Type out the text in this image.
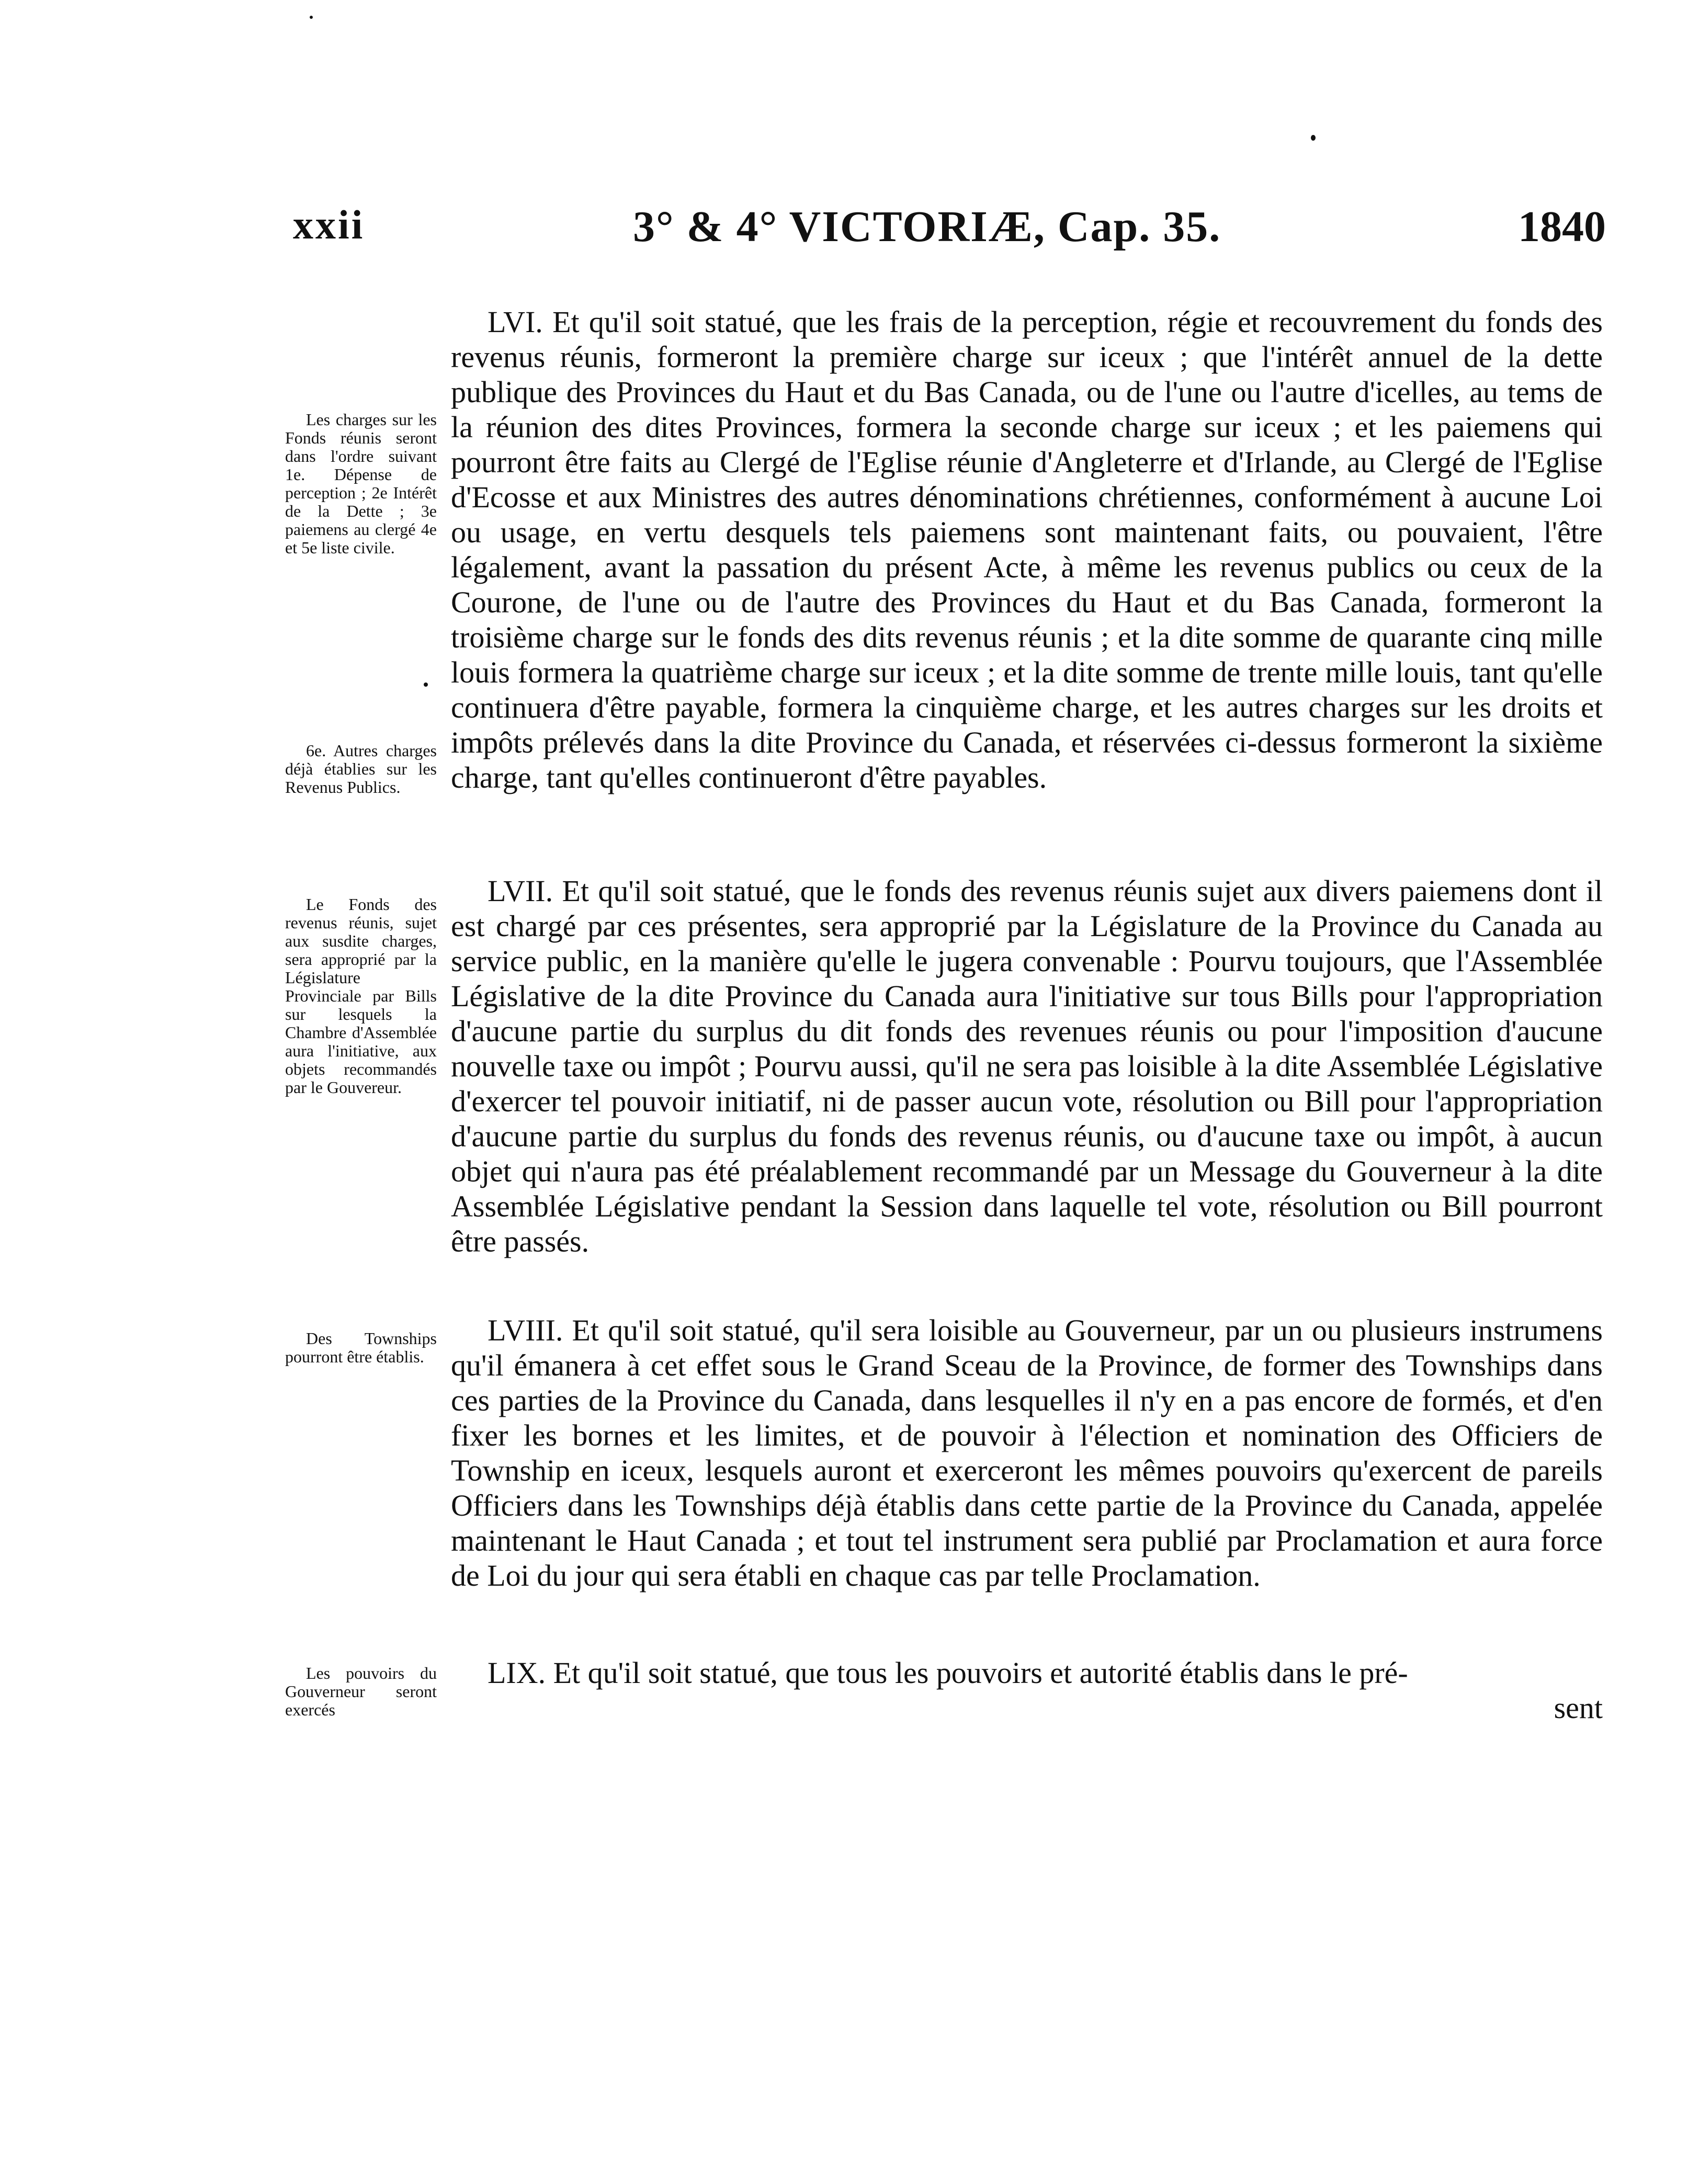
xxii	3° & 4° VICTORIÆ, Cap. 35.	1840
Les charges sur les Fonds réunis seront dans l'ordre suivant 1e. Dépense de perception ; 2e Intérêt de la Dette ; 3e paiemens au clergé 4e et 5e liste civile.
6e. Autres charges déjà établies sur les Revenus Publics.
Le Fonds des revenus réunis, sujet aux susdite charges, sera approprié par la Législature Provinciale par Bills sur lesquels la Chambre d'Assemblée aura l'initiative, aux objets recommandés par le Gouvereur.
Des Townships pourront être établis.
Les pouvoirs du Gouverneur seront exercés
LVI. Et qu'il soit statué, que les frais de la perception, régie et recouvrement du fonds des revenus réunis, formeront la première charge sur iceux ; que l'intérêt annuel de la dette publique des Provinces du Haut et du Bas Canada, ou de l'une ou l'autre d'icelles, au tems de la réunion des dites Provinces, formera la seconde charge sur iceux ; et les paiemens qui pourront être faits au Clergé de l'Eglise réunie d'Angleterre et d'Irlande, au Clergé de l'Eglise d'Ecosse et aux Ministres des autres dénominations chrétiennes, conformément à aucune Loi ou usage, en vertu desquels tels paiemens sont maintenant faits, ou pouvaient, l'être légalement, avant la passation du présent Acte, à même les revenus publics ou ceux de la Courone, de l'une ou de l'autre des Provinces du Haut et du Bas Canada, formeront la troisième charge sur le fonds des dits revenus réunis ; et la dite somme de quarante cinq mille louis formera la quatrième charge sur iceux ; et la dite somme de trente mille louis, tant qu'elle continuera d'être payable, formera la cinquième charge, et les autres charges sur les droits et impôts prélevés dans la dite Province du Canada, et réservées ci-dessus formeront la sixième charge, tant qu'elles continueront d'être payables.
LVII. Et qu'il soit statué, que le fonds des revenus réunis sujet aux divers paiemens dont il est chargé par ces présentes, sera approprié par la Législature de la Province du Canada au service public, en la manière qu'elle le jugera convenable : Pourvu toujours, que l'Assemblée Législative de la dite Province du Canada aura l'initiative sur tous Bills pour l'appropriation d'aucune partie du surplus du dit fonds des revenues réunis ou pour l'imposition d'aucune nouvelle taxe ou impôt ; Pourvu aussi, qu'il ne sera pas loisible à la dite Assemblée Législative d'exercer tel pouvoir initiatif, ni de passer aucun vote, résolution ou Bill pour l'appropriation d'aucune partie du surplus du fonds des revenus réunis, ou d'aucune taxe ou impôt, à aucun objet qui n'aura pas été préalablement recommandé par un Message du Gouverneur à la dite Assemblée Législative pendant la Session dans laquelle tel vote, résolution ou Bill pourront être passés.
LVIII. Et qu'il soit statué, qu'il sera loisible au Gouverneur, par un ou plusieurs instrumens qu'il émanera à cet effet sous le Grand Sceau de la Province, de former des Townships dans ces parties de la Province du Canada, dans lesquelles il n'y en a pas encore de formés, et d'en fixer les bornes et les limites, et de pouvoir à l'élection et nomination des Officiers de Township en iceux, lesquels auront et exerceront les mêmes pouvoirs qu'exercent de pareils Officiers dans les Townships déjà établis dans cette partie de la Province du Canada, appelée maintenant le Haut Canada ; et tout tel instrument sera publié par Proclamation et aura force de Loi du jour qui sera établi en chaque cas par telle Proclamation.
LIX. Et qu'il soit statué, que tous les pouvoirs et autorité établis dans le pré-
sent
